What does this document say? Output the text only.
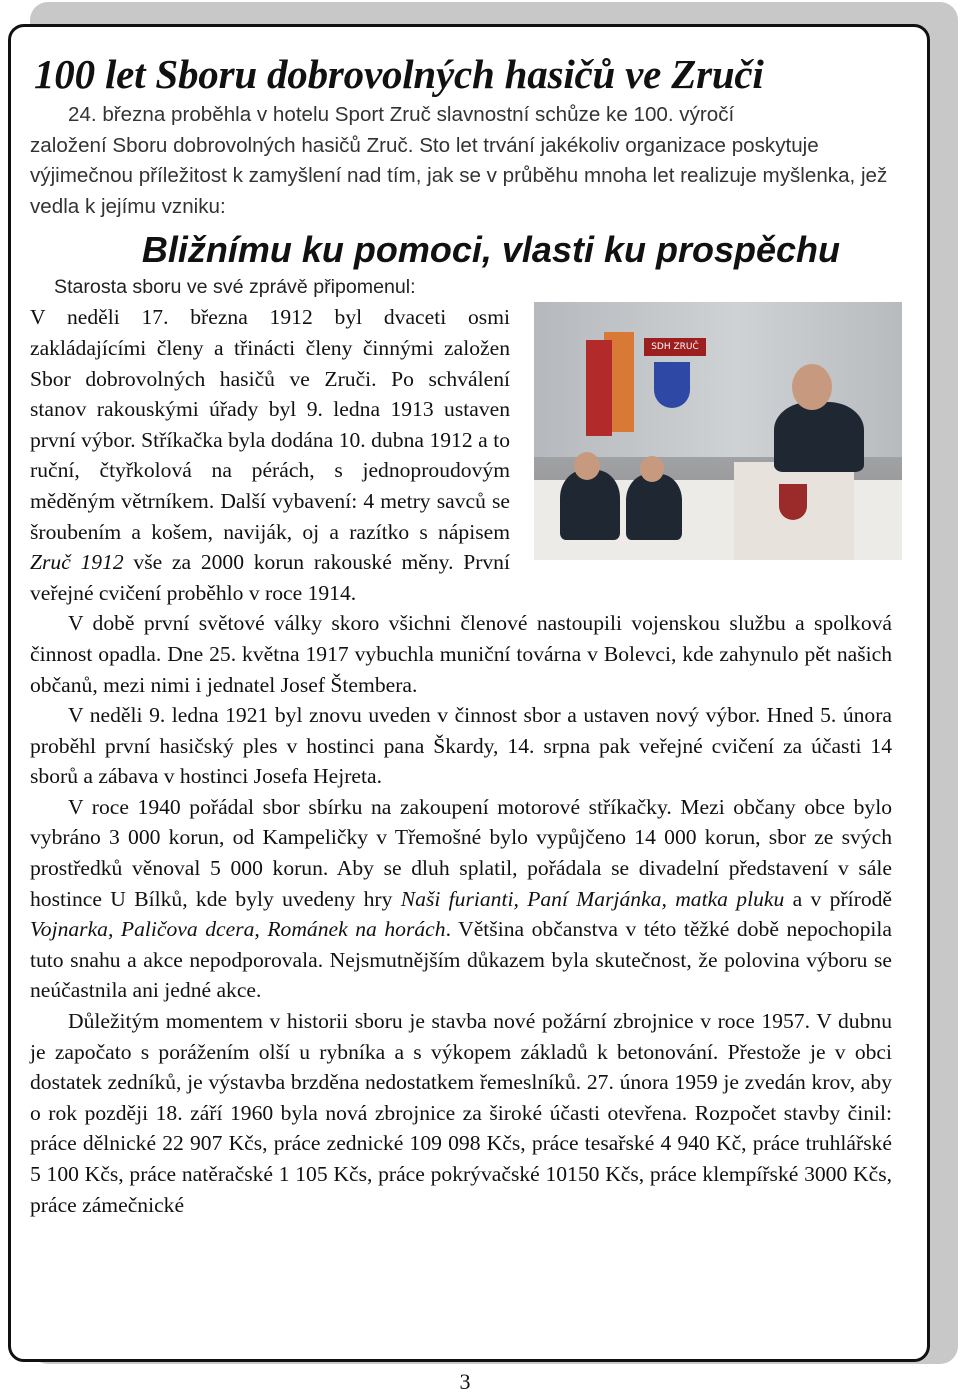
100 let Sboru dobrovolných hasičů ve Zruči

24. března proběhla v hotelu Sport Zruč slavnostní schůze ke 100. výročí

založení Sboru dobrovolných hasičů Zruč. Sto let trvání jakékoliv organizace poskytuje výjimečnou příležitost k zamyšlení nad tím, jak se v průběhu mnoha let realizuje myšlenka, jež vedla k jejímu vzniku:

Bližnímu ku pomoci, vlasti ku prospěchu

Starosta sboru ve své zprávě připomenul:

SDH ZRUČ

V neděli 17. března 1912 byl dvaceti osmi zakládajícími členy a třinácti členy činnými založen Sbor dobrovolných hasičů ve Zruči. Po schválení stanov rakouskými úřady byl 9. ledna 1913 ustaven první výbor. Stříkačka byla dodána 10. dubna 1912 a to ruční, čtyřkolová na pérách, s jednoproudovým měděným větrníkem. Další vybavení: 4 metry savců se šroubením a košem, naviják, oj a razítko s nápisem Zruč 1912 vše za 2000 korun rakouské měny. První veřejné cvičení proběhlo v roce 1914.

V době první světové války skoro všichni členové nastoupili vojenskou službu a spolková činnost opadla. Dne 25. května 1917 vybuchla muniční továrna v Bolevci, kde zahynulo pět našich občanů, mezi nimi i jednatel Josef Štembera.

V neděli 9. ledna 1921 byl znovu uveden v činnost sbor a ustaven nový výbor. Hned 5. února proběhl první hasičský ples v hostinci pana Škardy, 14. srpna pak veřejné cvičení za účasti 14 sborů a zábava v hostinci Josefa Hejreta.

V roce 1940 pořádal sbor sbírku na zakoupení motorové stříkačky. Mezi občany obce bylo vybráno 3 000 korun, od Kampeličky v Třemošné bylo vypůjčeno 14 000 korun, sbor ze svých prostředků věnoval 5 000 korun. Aby se dluh splatil, pořádala se divadelní představení v sále hostince U Bílků, kde byly uvedeny hry Naši furianti, Paní Marjánka, matka pluku a v přírodě Vojnarka, Paličova dcera, Románek na horách. Většina občanstva v této těžké době nepochopila tuto snahu a akce nepodporovala. Nejsmutnějším důkazem byla skutečnost, že polovina výboru se neúčastnila ani jedné akce.

Důležitým momentem v historii sboru je stavba nové požární zbrojnice v roce 1957. V dubnu je započato s porážením olší u rybníka a s výkopem základů k betonování. Přestože je v obci dostatek zedníků, je výstavba brzděna nedostatkem řemeslníků. 27. února 1959 je zvedán krov, aby o rok později 18. září 1960 byla nová zbrojnice za široké účasti otevřena. Rozpočet stavby činil: práce dělnické 22 907 Kčs, práce zednické 109 098 Kčs, práce tesařské 4 940 Kč, práce truhlářské 5 100 Kčs, práce natěračské 1 105 Kčs, práce pokrývačské 10150 Kčs, práce klempířské 3000 Kčs, práce zámečnické

3
